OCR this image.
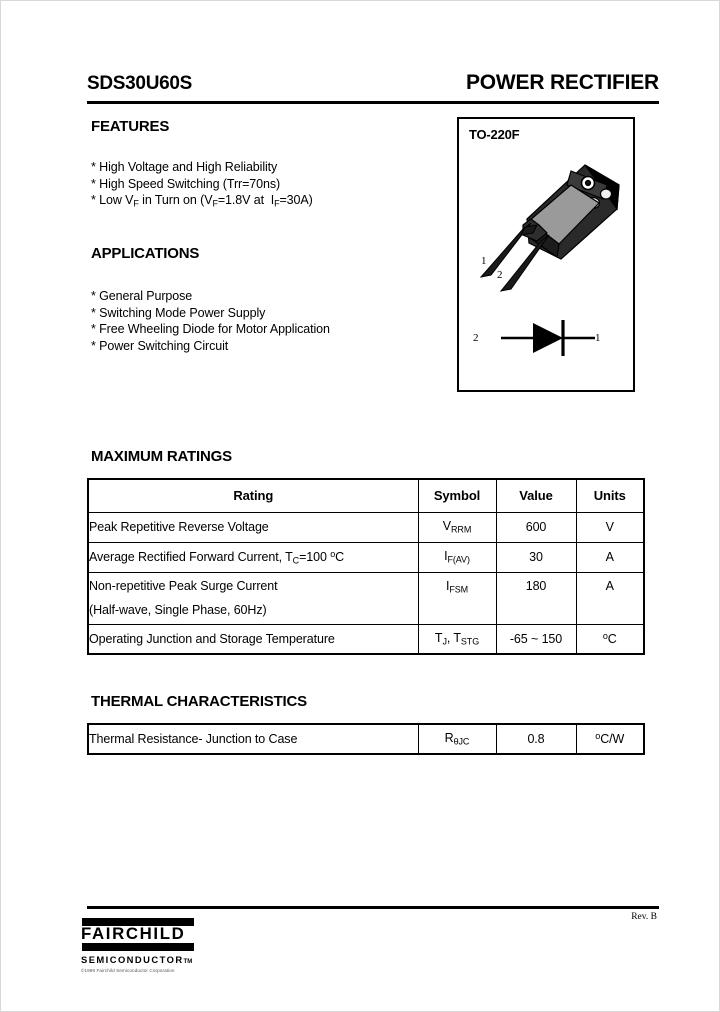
SDS30U60S	POWER RECTIFIER
FEATURES
* High Voltage and High Reliability
* High Speed Switching (Trr=70ns)
* Low $V_F$ in Turn on ($V_F=1.8V$ at  $I_F=30A$)
APPLICATIONS
* General Purpose
* Switching Mode Power Supply
* Free Wheeling Diode for Motor Application
* Power Switching Circuit
TO-220F
1
2
2	1
MAXIMUM RATINGS
Rating	Symbol	Value	Units
Peak Repetitive Reverse Voltage	$V_{RRM}$	600	V
Average Rectified Forward Current, $T_C=100$ $^o$C	$I_{F(AV)}$	30	A

Non-repetitive Peak Surge Current
(Half-wave, Single Phase, 60Hz)	$I_{FSM}$	180	A
Operating Junction and Storage Temperature	$T_J$, $T_{STG}$	-65 ~ 150	$^o$C
THERMAL CHARACTERISTICS
Thermal Resistance- Junction to Case	$R_{\theta JC}$	0.8	$^o$C/W
Rev. B
FAIRCHILD
SEMICONDUCTORTM
©1996 Fairchild Semiconductor Corporation
